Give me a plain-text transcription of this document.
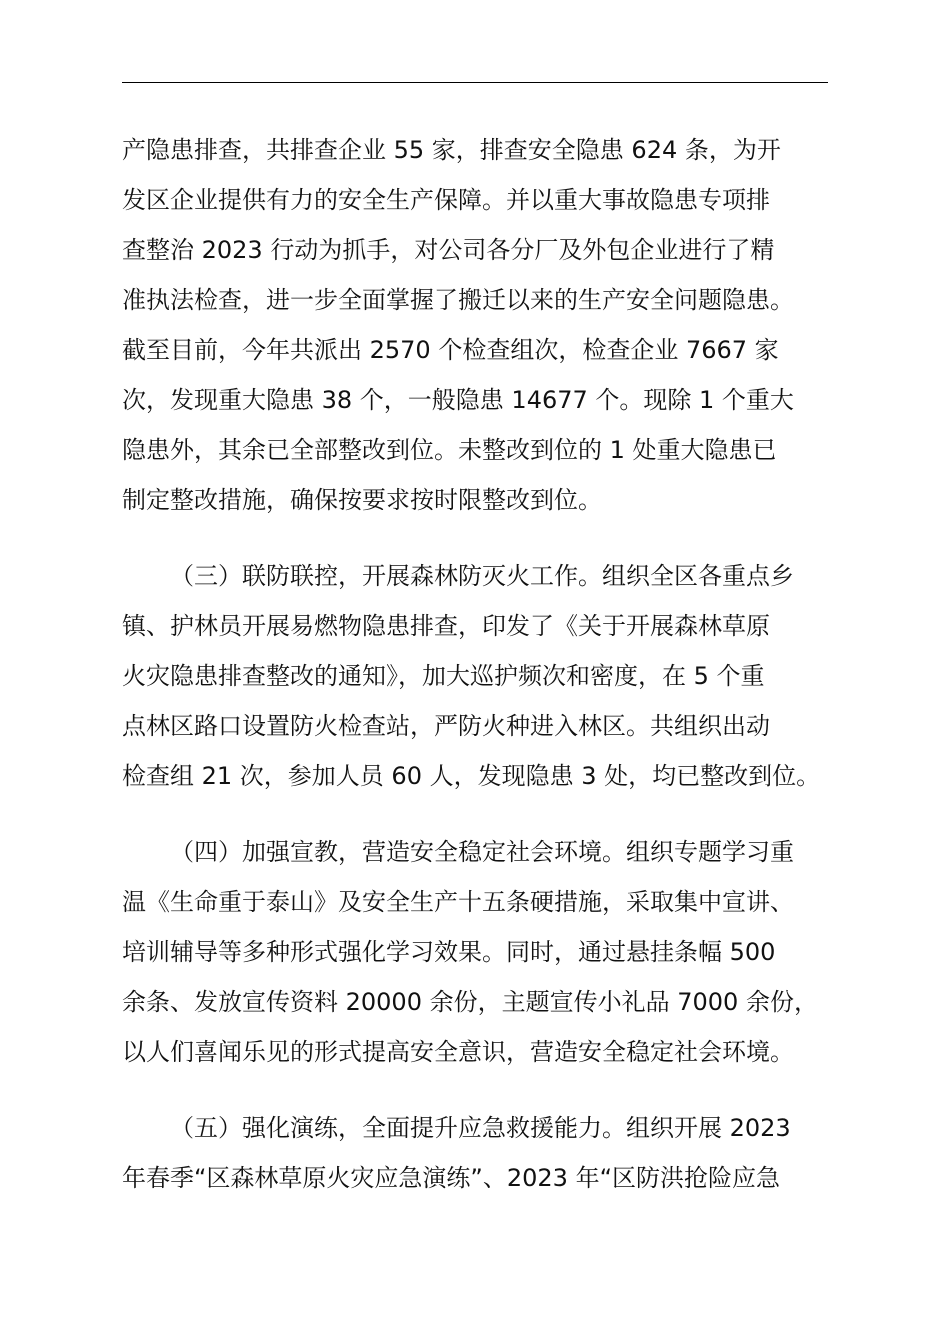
产隐患排查，共排查企业 55 家，排查安全隐患 624 条，为开
发区企业提供有力的安全生产保障。并以重大事故隐患专项排
查整治 2023 行动为抓手，对公司各分厂及外包企业进行了精
准执法检查，进一步全面掌握了搬迁以来的生产安全问题隐患。
截至目前，今年共派出 2570 个检查组次，检查企业 7667 家
次，发现重大隐患 38 个，一般隐患 14677 个。现除 1 个重大
隐患外，其余已全部整改到位。未整改到位的 1 处重大隐患已
制定整改措施，确保按要求按时限整改到位。
（三）联防联控，开展森林防灭火工作。组织全区各重点乡
镇、护林员开展易燃物隐患排查，印发了《关于开展森林草原
火灾隐患排查整改的通知》，加大巡护频次和密度，在 5 个重
点林区路口设置防火检查站，严防火种进入林区。共组织出动
检查组 21 次，参加人员 60 人，发现隐患 3 处，均已整改到位。
（四）加强宣教，营造安全稳定社会环境。组织专题学习重
温《生命重于泰山》及安全生产十五条硬措施，采取集中宣讲、
培训辅导等多种形式强化学习效果。同时，通过悬挂条幅 500
余条、发放宣传资料 20000 余份，主题宣传小礼品 7000 余份，
以人们喜闻乐见的形式提高安全意识，营造安全稳定社会环境。
（五）强化演练，全面提升应急救援能力。组织开展 2023
年春季“区森林草原火灾应急演练”、2023 年“区防洪抢险应急
